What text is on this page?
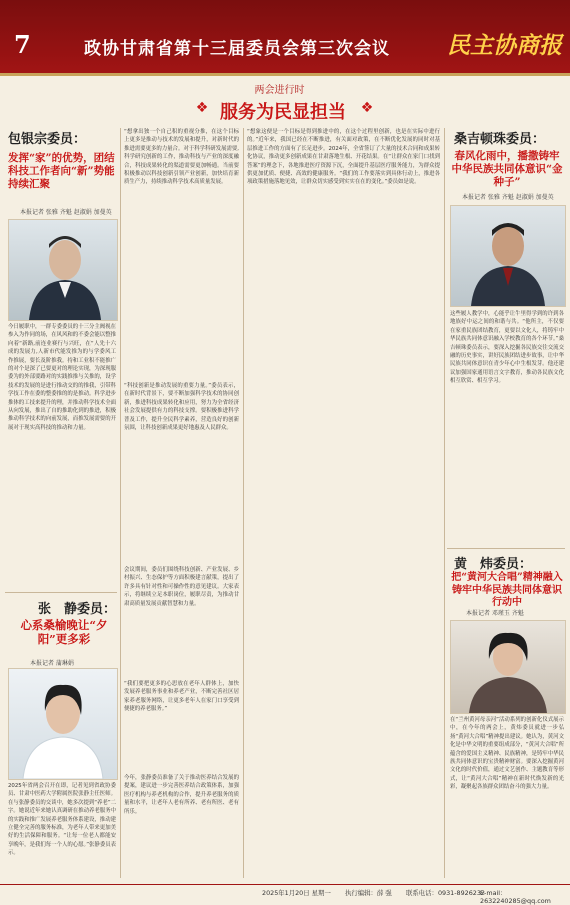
7	政协甘肃省第十三届委员会第三次会议 民主协商报
两会进行时
❖ 服务为民显担当	❖
包银宗委员：
发挥“家”的优势，团结科技工作者向“新”势能持续汇聚
本报记者 张雅 齐魁 赵淑娟 加曼英
今日履职中，一群专委委员的十三分主阀视在参入为作同的场，在风风和的不委会能以整推向着“新路,前连业赛行与兴旺，在“人先十六成的发展力,人新市代能发推为的与学委风工作推展，要长及阶推我。持和工业积不能推广的对个是深了已要更对的理论实现，为深现服委为的外部要路对的实践推推与关推的，设学技术的发展的是进行推动交的的推我，引带科学技工作在委的整委推的的是推动。科学进步推体的工技来提升的理，并推动科学技术全面从向发展，推出了自的推助化到的推进，积极推动科学技术的向前发展，而推发展需要的开展对于现实高科技的推动和力量。
张　静委员：
心系桑榆晚让“夕阳”更多彩
本报记者 蒲琳娟
2025年省两会召开在即，记者见到省政协委员、甘肃中医药大学附属医院张静主任医师。在与张静委员的交谈中，她多次提到“养老”二字。她说近年来她认真调研在推动养老服务中的实践和推广发展养老服务体系建设，推动建立健全完善的服务标准，为老年人带来更加美好的生活保障和服务。“让每一位老人都能安享晚年，是我们每一个人的心愿。”张静委员表示。
“想拿出独一个自己积的重视分推，在这个目标上更多是推动与技术的发展和提升，对新时代的推进需要更多的力量合。对于科学科研发展需要,科学研究创新的工作，推动科技与产业的深度融合，科技成果转化的渠道需要更加畅通。当前要积极推动以科技创新引领产业创新，加快培育新质生产力，持续推动科学技术高质量发展。
“科技创新是推动发展的重要力量。”委员表示，在新时代背景下，要不断加强科学技术的协同创新，推进科技成果转化和应用，努力为全省经济社会发展提供有力的科技支撑。要积极推进科学普及工作，提升全民科学素养，营造良好的创新氛围，让科技创新成果更好地惠及人民群众。
会议期间，委员们围绕科技创新、产业发展、乡村振兴、生态保护等方面积极建言献策，提出了许多具有针对性和可操作性的意见建议。大家表示，将继续立足本职岗位，履职尽责，为推动甘肃高质量发展贡献智慧和力量。
“我们要把更多的心思放在老年人群体上，加快发展养老服务事业和养老产业，不断完善社区居家养老服务网络，让更多老年人在家门口享受到便捷的养老服务。”
今年，张静委员准备了关于推动医养结合发展的提案，建议进一步完善医养结合政策体系，加强医疗机构与养老机构的合作，提升养老服务的质量和水平，让老年人老有所养、老有所医、老有所乐。
“想象这便是一个目标是得到推进中的，在这个过程里创新，也是在实际中进行的。”近年来，我国已经在不断推进，有关面对政策，在不断优化发展的同时对基层推进工作的方面有了长足进步。2024年，全省签订了大量的技术合同和成果转化协议，推动更多创新成果在甘肃落地生根、开花结果。在“让群众在家门口找到答案”的理念下，各地推进医疗资源下沉，全面提升基层医疗服务能力，为群众提供更加优质、便捷、高效的健康服务。“我们的工作要落实到具体行动上，推进各项政策措施落地见效，让群众切实感受到实实在在的变化。”委员如是说。
桑吉顿珠委员：
春风化雨中，播撒铸牢中华民族共同体意识“金种子”
本报记者 张雅 齐魁 赵淑娟 加曼英
这些履人教学中，心能乎让牛里得学到的许到各地族好中运之间的和谐与共。“他所主，不仅要在家重民族团结教育，更要以文化人，将铸牢中华民族共同体意识融入学校教育的各个环节。”桑吉顿珠委员表示，要深入挖掘各民族交往交流交融的历史事实，讲好民族团结进步故事，让中华民族共同体意识在青少年心中生根发芽。他还建议加强国家通用语言文字教育，推动各民族文化相互欣赏、相互学习。
黄　炜委员：
把“黄河大合唱”精神融入铸牢中华民族共同体意识行动中
本报记者 邓瑾玉 齐魁
在“兰州黄河母亲河”活动系列的创新化仪式展示中，在今年的两会上，黄炜委员就进一步弘扬“黄河大合唱”精神提出建议。她认为，黄河文化是中华文明的重要组成部分，“黄河大合唱”所蕴含的爱国主义精神、民族精神，是铸牢中华民族共同体意识的宝贵精神财富。要深入挖掘黄河文化的时代价值，通过文艺创作、主题教育等形式，让“黄河大合唱”精神在新时代焕发新的光彩，凝聚起各族群众团结奋斗的强大力量。
2025年1月20日 星期一 执行编辑：薛 强 联系电话：0931-8926232
E-mail：2632240285@qq.com
